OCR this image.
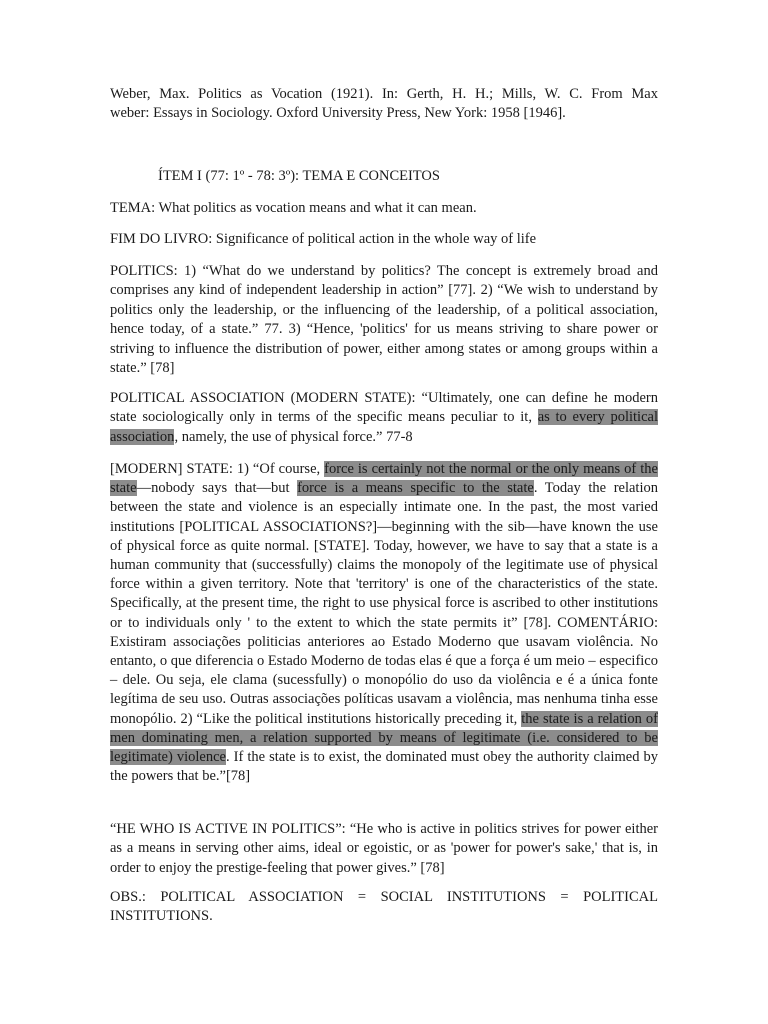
Weber, Max. Politics as Vocation (1921). In: Gerth, H. H.; Mills, W. C. From Max
weber: Essays in Sociology. Oxford University Press, New York: 1958 [1946].
ÍTEM I (77: 1º - 78: 3º): TEMA E CONCEITOS
TEMA: What politics as vocation means and what it can mean.
FIM DO LIVRO: Significance of political action in the whole way of life
POLITICS: 1) “What do we understand by politics? The concept is extremely broad and comprises any kind of independent leadership in action” [77]. 2) “We wish to understand by politics only the leadership, or the influencing of the leadership, of a political association, hence today, of a state.” 77. 3) “Hence, 'politics' for us means striving to share power or striving to influence the distribution of power, either among states or among groups within a state.” [78]
POLITICAL ASSOCIATION (MODERN STATE): “Ultimately, one can define he modern state sociologically only in terms of the specific means peculiar to it, as to every political association, namely, the use of physical force.” 77-8
[MODERN] STATE: 1) “Of course, force is certainly not the normal or the only means of the state—nobody says that—but force is a means specific to the state. Today the relation between the state and violence is an especially intimate one. In the past, the most varied institutions [POLITICAL ASSOCIATIONS?]—beginning with the sib—have known the use of physical force as quite normal. [STATE]. Today, however, we have to say that a state is a human community that (successfully) claims the monopoly of the legitimate use of physical force within a given territory. Note that 'territory' is one of the characteristics of the state. Specifically, at the present time, the right to use physical force is ascribed to other institutions or to individuals only ' to the extent to which the state permits it” [78]. COMENTÁRIO: Existiram associações politicias anteriores ao Estado Moderno que usavam violência. No entanto, o que diferencia o Estado Moderno de todas elas é que a força é um meio – especifico – dele. Ou seja, ele clama (sucessfully) o monopólio do uso da violência e é a única fonte legítima de seu uso. Outras associações políticas usavam a violência, mas nenhuma tinha esse monopólio. 2) “Like the political institutions historically preceding it, the state is a relation of men dominating men, a relation supported by means of legitimate (i.e. considered to be legitimate) violence. If the state is to exist, the dominated must obey the authority claimed by the powers that be.”[78]
“HE WHO IS ACTIVE IN POLITICS”: “He who is active in politics strives for power either as a means in serving other aims, ideal or egoistic, or as 'power for power's sake,' that is, in order to enjoy the prestige-feeling that power gives.” [78]
OBS.: POLITICAL ASSOCIATION = SOCIAL INSTITUTIONS = POLITICAL INSTITUTIONS.
